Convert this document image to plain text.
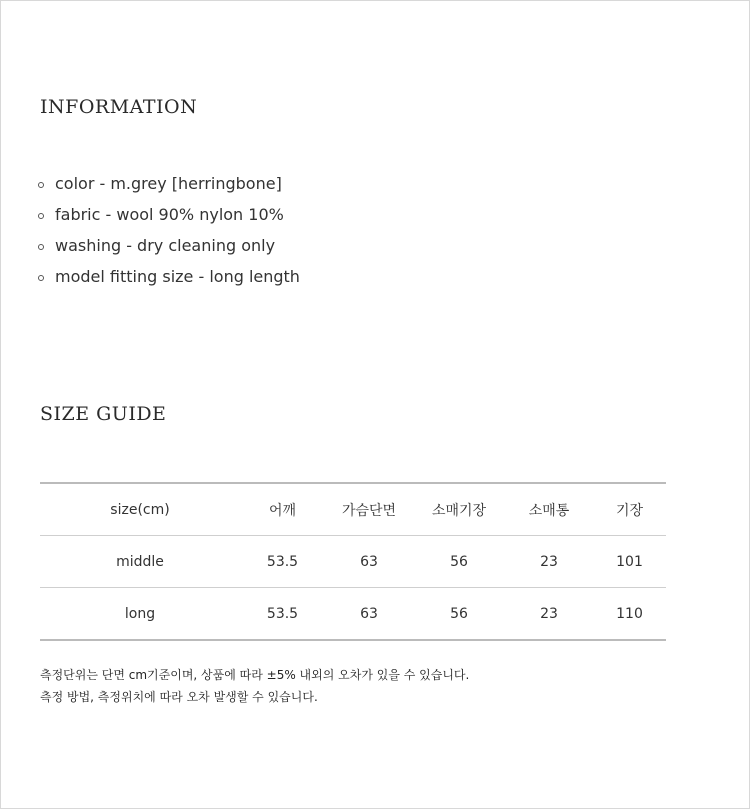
INFORMATION
color - m.grey [herringbone]
fabric - wool 90% nylon 10%
washing - dry cleaning only
model fitting size - long length
SIZE GUIDE
size(cm)	어깨	가슴단면	소매기장	소매통	기장
middle	53.5	63	56	23	101
long	53.5	63	56	23	110
측정단위는 단면 cm기준이며, 상품에 따라 ±5% 내외의 오차가 있을 수 있습니다.
측정 방법, 측정위치에 따라 오차 발생할 수 있습니다.
